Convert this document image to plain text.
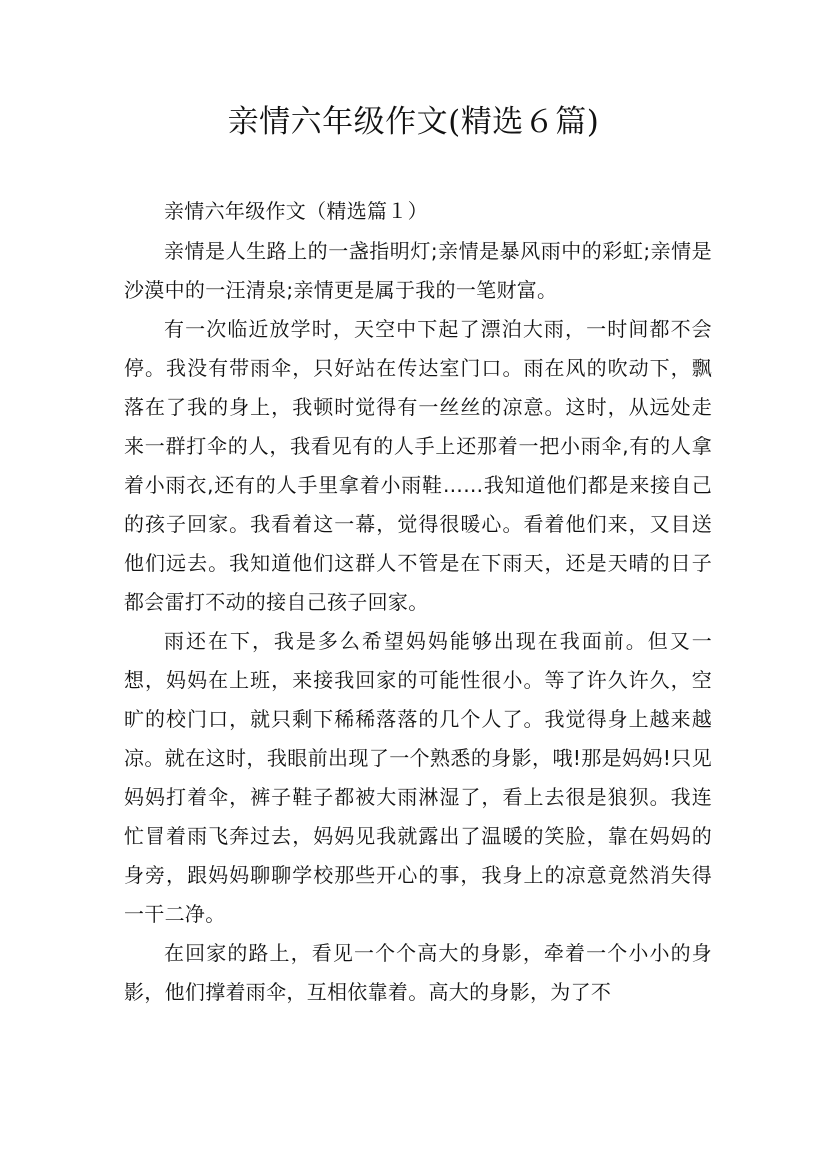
亲情六年级作文(精选６篇)

亲情六年级作文（精选篇１）

亲情是人生路上的一盏指明灯;亲情是暴风雨中的彩虹;亲情是沙漠中的一汪清泉;亲情更是属于我的一笔财富。

有一次临近放学时，天空中下起了漂泊大雨，一时间都不会停。我没有带雨伞，只好站在传达室门口。雨在风的吹动下，飘落在了我的身上，我顿时觉得有一丝丝的凉意。这时，从远处走来一群打伞的人，我看见有的人手上还那着一把小雨伞,有的人拿着小雨衣,还有的人手里拿着小雨鞋……我知道他们都是来接自己的孩子回家。我看着这一幕，觉得很暖心。看着他们来，又目送他们远去。我知道他们这群人不管是在下雨天，还是天晴的日子都会雷打不动的接自己孩子回家。

雨还在下，我是多么希望妈妈能够出现在我面前。但又一想，妈妈在上班，来接我回家的可能性很小。等了许久许久，空旷的校门口，就只剩下稀稀落落的几个人了。我觉得身上越来越凉。就在这时，我眼前出现了一个熟悉的身影，哦!那是妈妈!只见妈妈打着伞，裤子鞋子都被大雨淋湿了，看上去很是狼狈。我连忙冒着雨飞奔过去，妈妈见我就露出了温暖的笑脸，靠在妈妈的身旁，跟妈妈聊聊学校那些开心的事，我身上的凉意竟然消失得一干二净。

在回家的路上，看见一个个高大的身影，牵着一个小小的身影，他们撑着雨伞，互相依靠着。高大的身影，为了不
